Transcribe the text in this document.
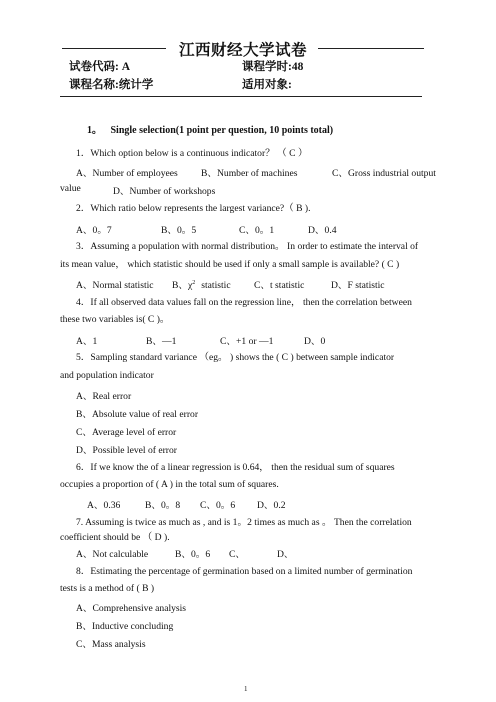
江西财经大学试卷
试卷代码: A	课程学时:48
课程名称:统计学	适用对象:
1。 Single selection(1 point per question, 10 points total)
1．Which option below is a continuous indicator？ （ C ）
A、Number of employees B、Number of machines	C、Gross industrial output
value	D、Number of workshops
2．Which ratio below represents the largest variance?（ B ).
A、0。7	B、0。5	C、0。1	D、0.4
3．Assuming a population with normal distribution。 In order to estimate the interval of
its mean value， which statistic should be used if only a small sample is available? ( C )
A、Normal statistic B、$\chi^2$ statistic C、t statistic	D、F statistic
4．If all observed data values fall on the regression line， then the correlation between
these two variables is( C )。
A、1	B、—1	C、+1 or —1	D、0
5．Sampling standard variance （eg。 ) shows the ( C ) between sample indicator
and population indicator
A、Real error
B、Absolute value of real error
C、Average level of error
D、Possible level of error
6．If we know the of a linear regression is 0.64， then the residual sum of squares
occupies a proportion of ( A ) in the total sum of squares.
A、0.36	B、0。8 C、0。6 D、0.2
7. Assuming is twice as much as , and is 1。2 times as much as 。 Then the correlation
coefficient should be （ D ).
A、Not calculable	B、0。6 C、	D、
8．Estimating the percentage of germination based on a limited number of germination
tests is a method of ( B )
A、Comprehensive analysis
B、Inductive concluding
C、Mass analysis
1
